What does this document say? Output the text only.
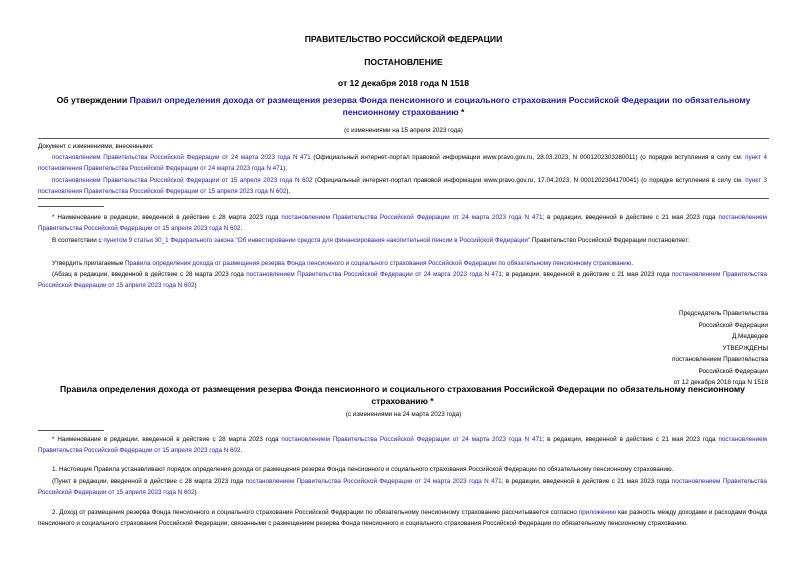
ПРАВИТЕЛЬСТВО РОССИЙСКОЙ ФЕДЕРАЦИИ
ПОСТАНОВЛЕНИЕ
от 12 декабря 2018 года N 1518
Об утверждении Правил определения дохода от размещения резерва Фонда пенсионного и социального страхования Российской Федерации по обязательному пенсионному страхованию *
(с изменениями на 15 апреля 2023 года)
Документ с изменениями, внесенными:
постановлением Правительства Российской Федерации от 24 марта 2023 года N 471 (Официальный интернет-портал правовой информации www.pravo.gov.ru, 28.03.2023, N 0001202303280011) (о порядке вступления в силу см. пункт 4 постановления Правительства Российской Федерации от 24 марта 2023 года N 471);
постановлением Правительства Российской Федерации от 15 апреля 2023 года N 602 (Официальный интернет-портал правовой информации www.pravo.gov.ru, 17.04.2023, N 0001202304170041) (о порядке вступления в силу см. пункт 3 постановления Правительства Российской Федерации от 15 апреля 2023 года N 602).
* Наименование в редакции, введенной в действие с 28 марта 2023 года постановлением Правительства Российской Федерации от 24 марта 2023 года N 471; в редакции, введенной в действие с 21 мая 2023 года постановлением Правительства Российской Федерации от 15 апреля 2023 года N 602.
В соответствии с пунктом 9 статьи 30_1 Федерального закона "Об инвестировании средств для финансирования накопительной пенсии в Российской Федерации" Правительство Российской Федерации постановляет:
Утвердить прилагаемые Правила определения дохода от размещения резерва Фонда пенсионного и социального страхования Российской Федерации по обязательному пенсионному страхованию.
(Абзац в редакции, введенной в действие с 28 марта 2023 года постановлением Правительства Российской Федерации от 24 марта 2023 года N 471; в редакции, введенной в действие с 21 мая 2023 года постановлением Правительства Российской Федерации от 15 апреля 2023 года N 602)
Председатель Правительства
Российской Федерации
Д.Медведев
УТВЕРЖДЕНЫ
постановлением Правительства
Российской Федерации
от 12 декабря 2018 года N 1518
Правила определения дохода от размещения резерва Фонда пенсионного и социального страхования Российской Федерации по обязательному пенсионному страхованию *
(с изменениями на 24 марта 2023 года)
* Наименование в редакции, введенной в действие с 28 марта 2023 года постановлением Правительства Российской Федерации от 24 марта 2023 года N 471; в редакции, введенной в действие с 21 мая 2023 года постановлением Правительства Российской Федерации от 15 апреля 2023 года N 602.
1. Настоящие Правила устанавливают порядок определения дохода от размещения резерва Фонда пенсионного и социального страхования Российской Федерации по обязательному пенсионному страхованию.
(Пункт в редакции, введенной в действие с 28 марта 2023 года постановлением Правительства Российской Федерации от 24 марта 2023 года N 471; в редакции, введенной в действие с 21 мая 2023 года постановлением Правительства Российской Федерации от 15 апреля 2023 года N 602)
2. Доход от размещения резерва Фонда пенсионного и социального страхования Российской Федерации по обязательному пенсионному страхованию рассчитывается согласно приложению как разность между доходами и расходами Фонда пенсионного и социального страхования Российской Федерации, связанными с размещением резерва Фонда пенсионного и социального страхования Российской Федерации по обязательному пенсионному страхованию.
